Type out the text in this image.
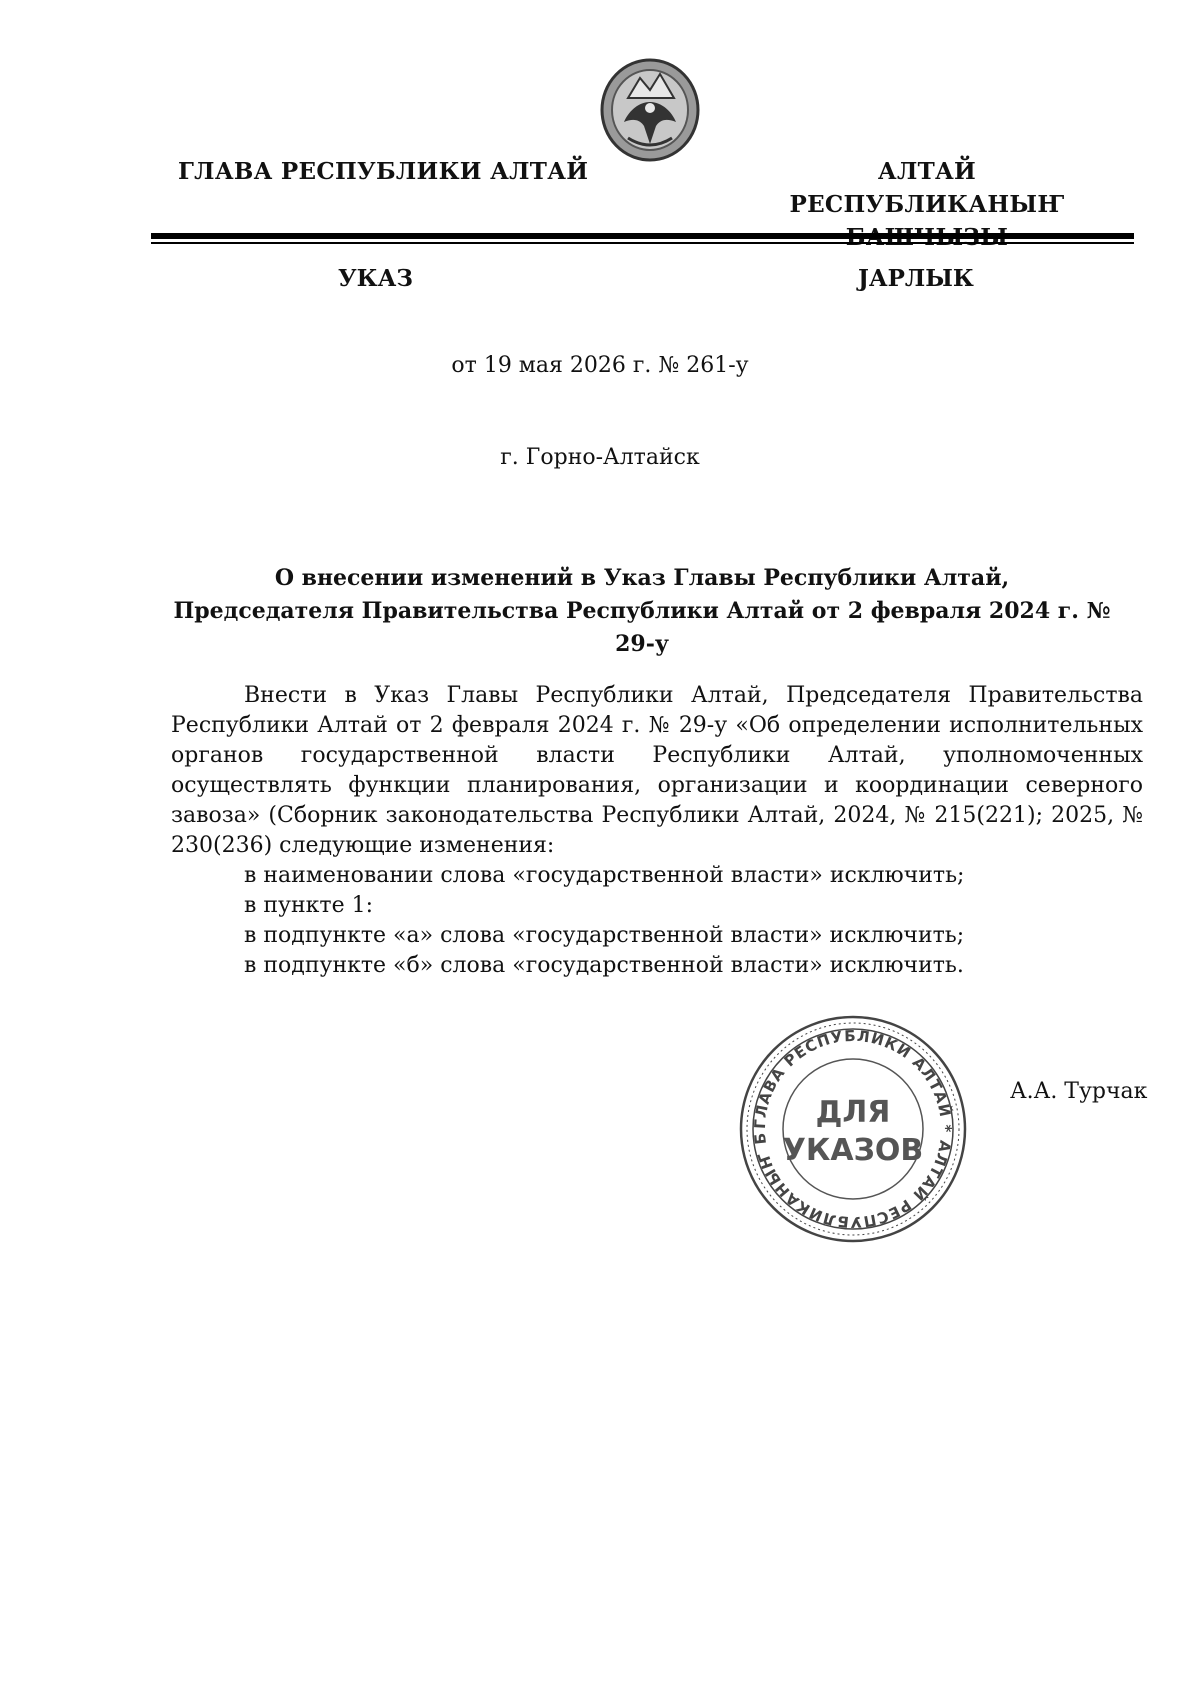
ГЛАВА РЕСПУБЛИКИ АЛТАЙ	АЛТАЙ РЕСПУБЛИКАНЫҤ
УКАЗ	ЈАРЛЫК
от 19 мая 2026 г. № 261-у
г. Горно-Алтайск
О внесении изменений в Указ Главы Республики Алтай,
Председателя Правительства Республики Алтай от 2 февраля 2024 г. № 29-у

Внести в Указ Главы Республики Алтай, Председателя Правительства Республики Алтай от 2 февраля 2024 г. № 29-у «Об определении исполнительных органов государственной власти Республики Алтай, уполномоченных осуществлять функции планирования, организации и координации северного завоза» (Сборник законодательства Республики Алтай, 2024, № 215(221); 2025, № 230(236) следующие изменения:

в наименовании слова «государственной власти» исключить;

в пункте 1:

в подпункте «а» слова «государственной власти» исключить;

в подпункте «б» слова «государственной власти» исключить.

ГЛАВА РЕСПУБЛИКИ АЛТАЙ * АЛТАЙ РЕСПУБЛИКАНЫҤ Б
ДЛЯ
УКАЗОВ
А.А. Турчак
